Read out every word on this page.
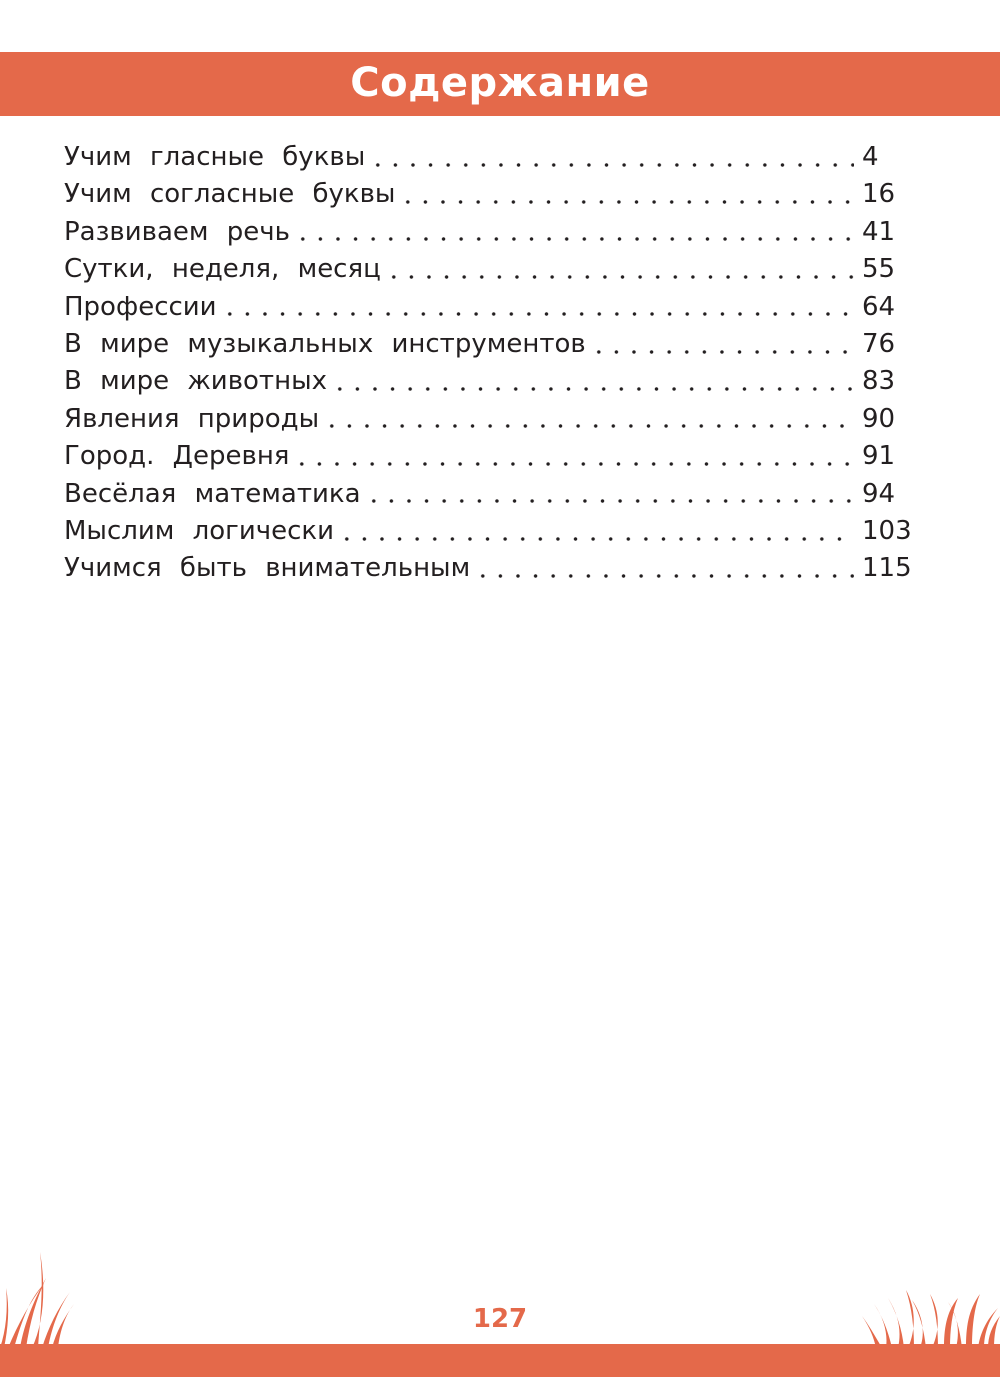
Содержание
Учим гласные буквы	4
Учим согласные буквы	16
Развиваем речь	41
Сутки, неделя, месяц	55
Профессии	64
В мире музыкальных инструментов	76
В мире животных	83
Явления природы	90
Город. Деревня	91
Весёлая математика	94
Мыслим логически	103
Учимся быть внимательным	115
127
